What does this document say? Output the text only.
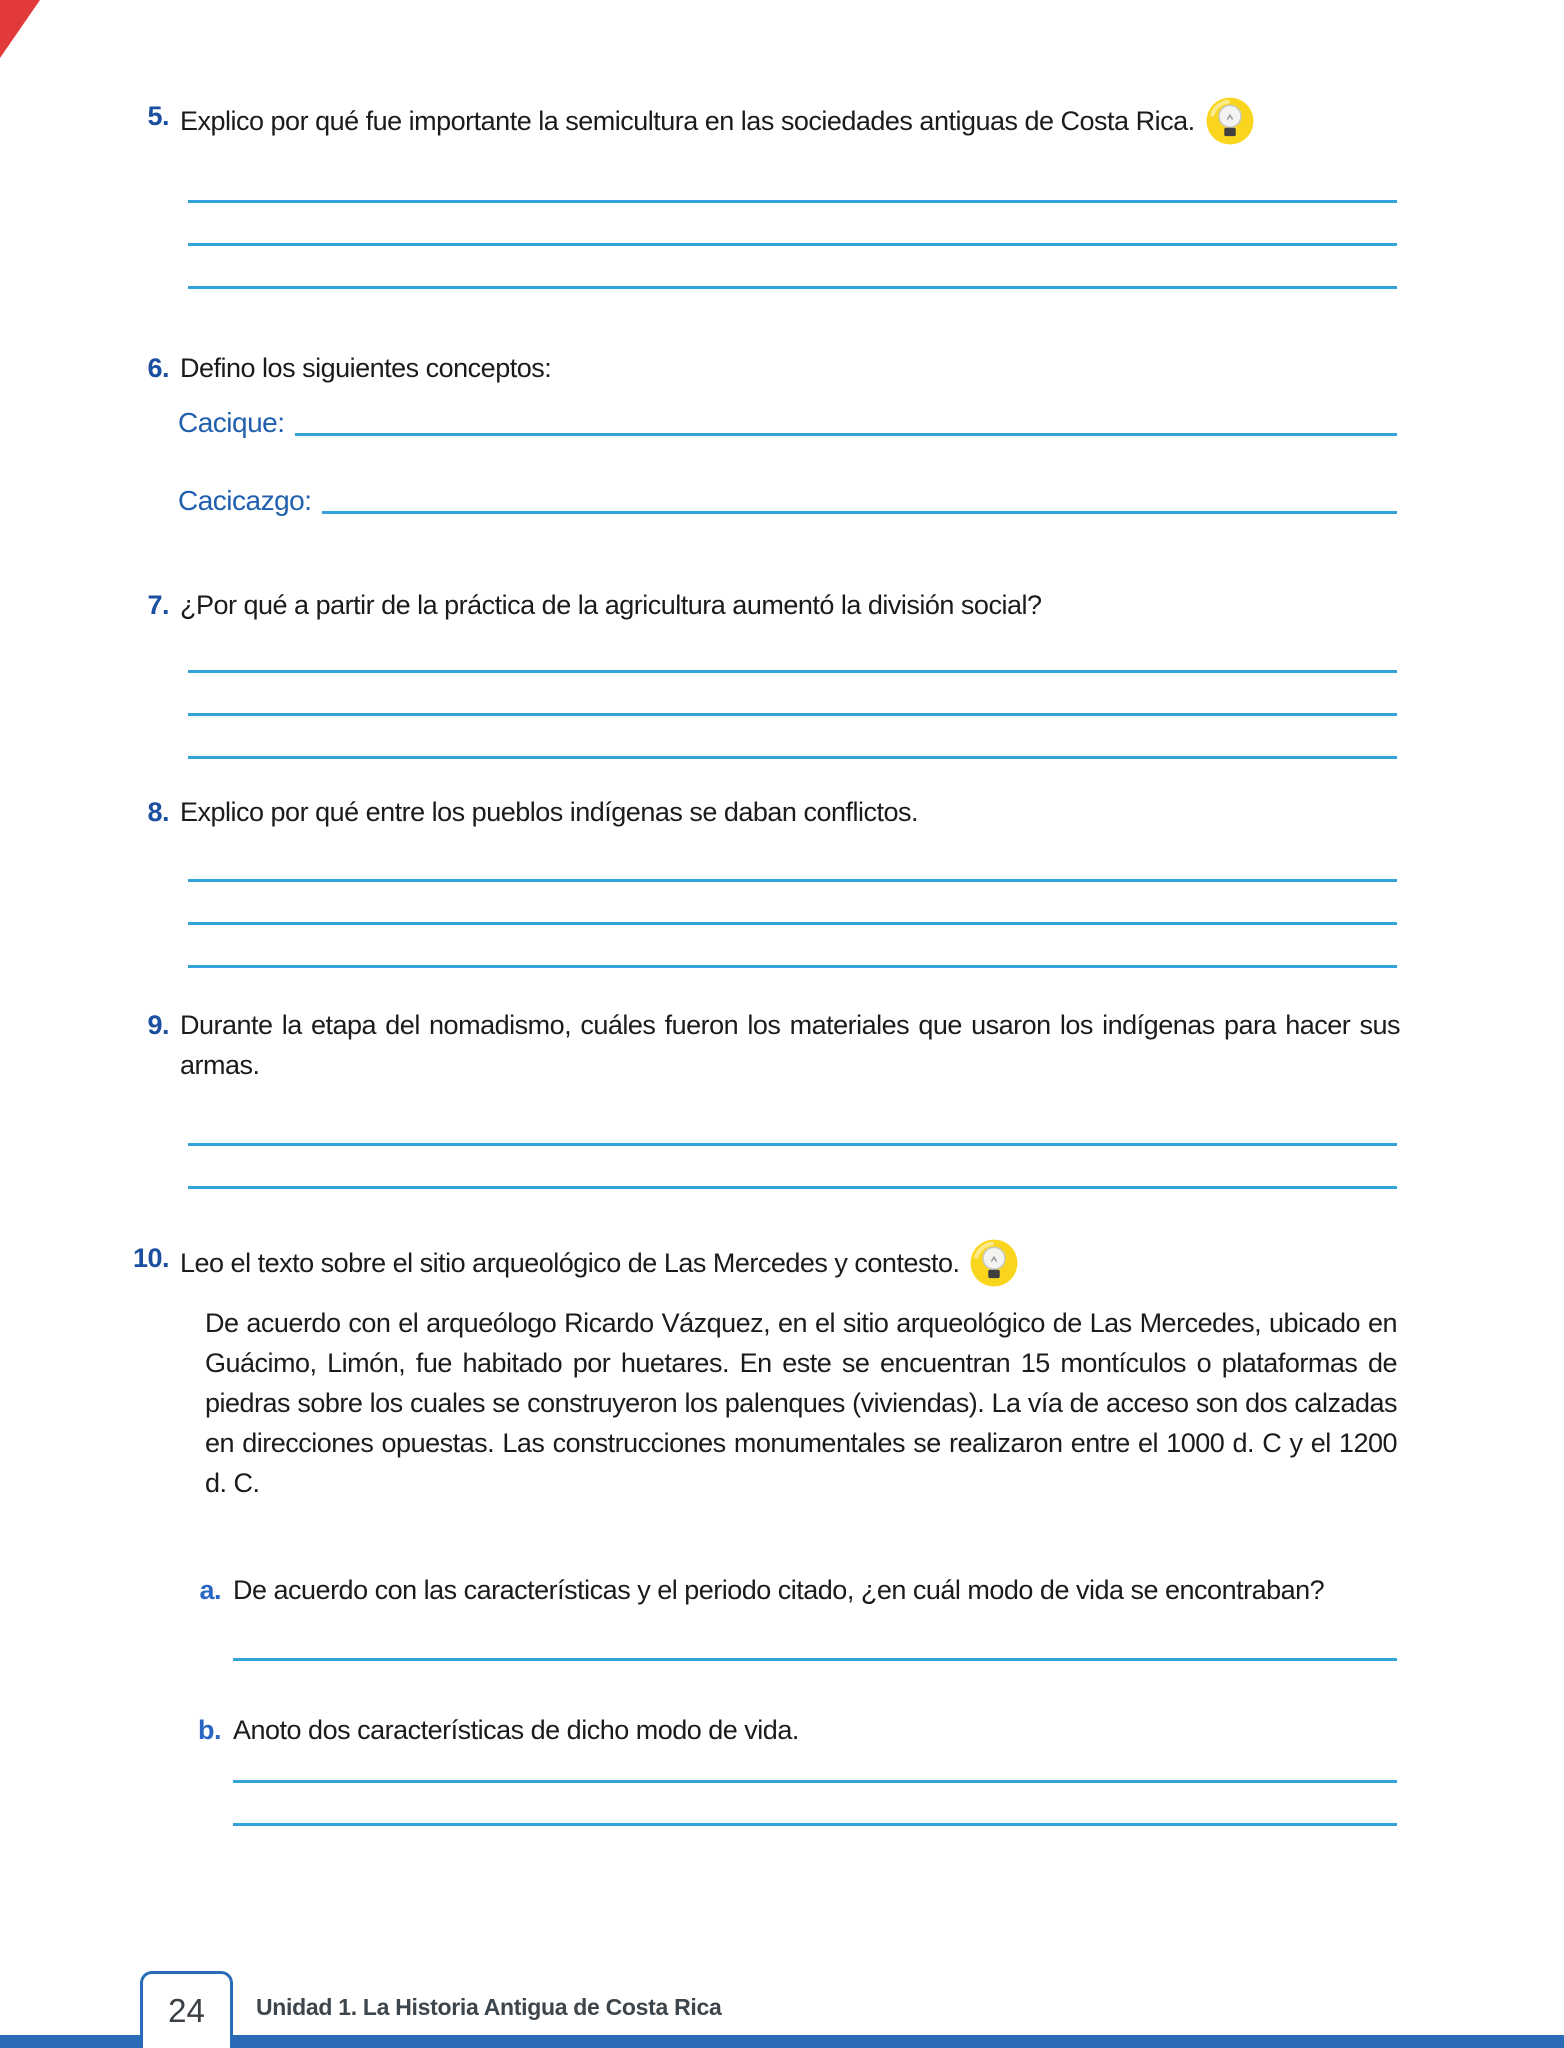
5. Explico por qué fue importante la semicultura en las sociedades antiguas de Costa Rica.
6. Defino los siguientes conceptos:
Cacique:
Cacicazgo:
7. ¿Por qué a partir de la práctica de la agricultura aumentó la división social?
8. Explico por qué entre los pueblos indígenas se daban conflictos.
9. Durante la etapa del nomadismo, cuáles fueron los materiales que usaron los indígenas para hacer sus armas.
10. Leo el texto sobre el sitio arqueológico de Las Mercedes y contesto.
De acuerdo con el arqueólogo Ricardo Vázquez, en el sitio arqueológico de Las Mercedes, ubicado en Guácimo, Limón, fue habitado por huetares. En este se encuentran 15 montículos o plataformas de piedras sobre los cuales se construyeron los palenques (viviendas). La vía de acceso son dos calzadas en direcciones opuestas. Las construcciones monumentales se realizaron entre el 1000 d. C y el 1200 d. C.
a. De acuerdo con las características y el periodo citado, ¿en cuál modo de vida se encontraban?
b. Anoto dos características de dicho modo de vida.
24 Unidad 1. La Historia Antigua de Costa Rica
